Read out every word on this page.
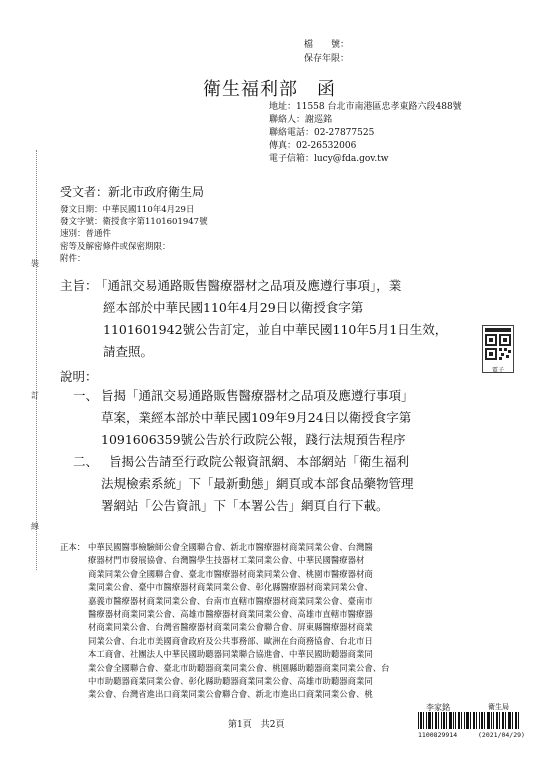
檔　　號：
保存年限：
衛生福利部　函
地址：11558 台北市南港區忠孝東路六段488號
聯絡人：謝巡銘
聯絡電話：02-27877525
傳真：02-26532006
電子信箱：lucy@fda.gov.tw
受文者：新北市政府衛生局
發文日期：中華民國110年4月29日
發文字號：衛授食字第1101601947號
速別：普通件
密等及解密條件或保密期限：
附件：
裝
訂
線
主旨：
「通訊交易通路販售醫療器材之品項及應遵行事項」，業
經本部於中華民國110年4月29日以衛授食字第
1101601942號公告訂定，並自中華民國110年5月1日生效，
請查照。
說明：
一、 旨揭「通訊交易通路販售醫療器材之品項及應遵行事項」
草案，業經本部於中華民國109年9月24日以衛授食字第
1091606359號公告於行政院公報，踐行法規預告程序
二、 旨揭公告請至行政院公報資訊網、本部網站「衛生福利
法規檢索系統」下「最新動態」網頁或本部食品藥物管理
署網站「公告資訊」下「本署公告」網頁自行下載。
正本： 中華民國醫事檢驗師公會全國聯合會、新北市醫療器材商業同業公會、台灣醫
療器材門市發展協會、台灣醫學生技器材工業同業公會、中華民國醫療器材
商業同業公會全國聯合會、臺北市醫療器材商業同業公會、桃園市醫療器材商
業同業公會、臺中市醫療器材商業同業公會、彰化縣醫療器材商業同業公會、
嘉義市醫療器材商業同業公會、台南市直轄市醫療器材商業同業公會、臺南市
醫療器材商業同業公會、高雄市醫療器材商業同業公會、高雄市直轄市醫療器
材商業同業公會、台灣省醫療器材商業同業公會聯合會、屏東縣醫療器材商業
同業公會、台北市美國商會政府及公共事務部、歐洲在台商務協會、台北市日
本工商會、社團法人中華民國助聽器同業聯合協進會、中華民國助聽器商業同
業公會全國聯合會、臺北市助聽器商業同業公會、桃園縣助聽器商業同業公會、台
中市助聽器商業同業公會、彰化縣助聽器商業同業公會、高雄市助聽器商業同
業公會、台灣省進出口商業同業公會聯合會、新北市進出口商業同業公會、桃
電子
第1頁　共2頁
李家銘	衛生局
1100829914	(2021/04/29)
